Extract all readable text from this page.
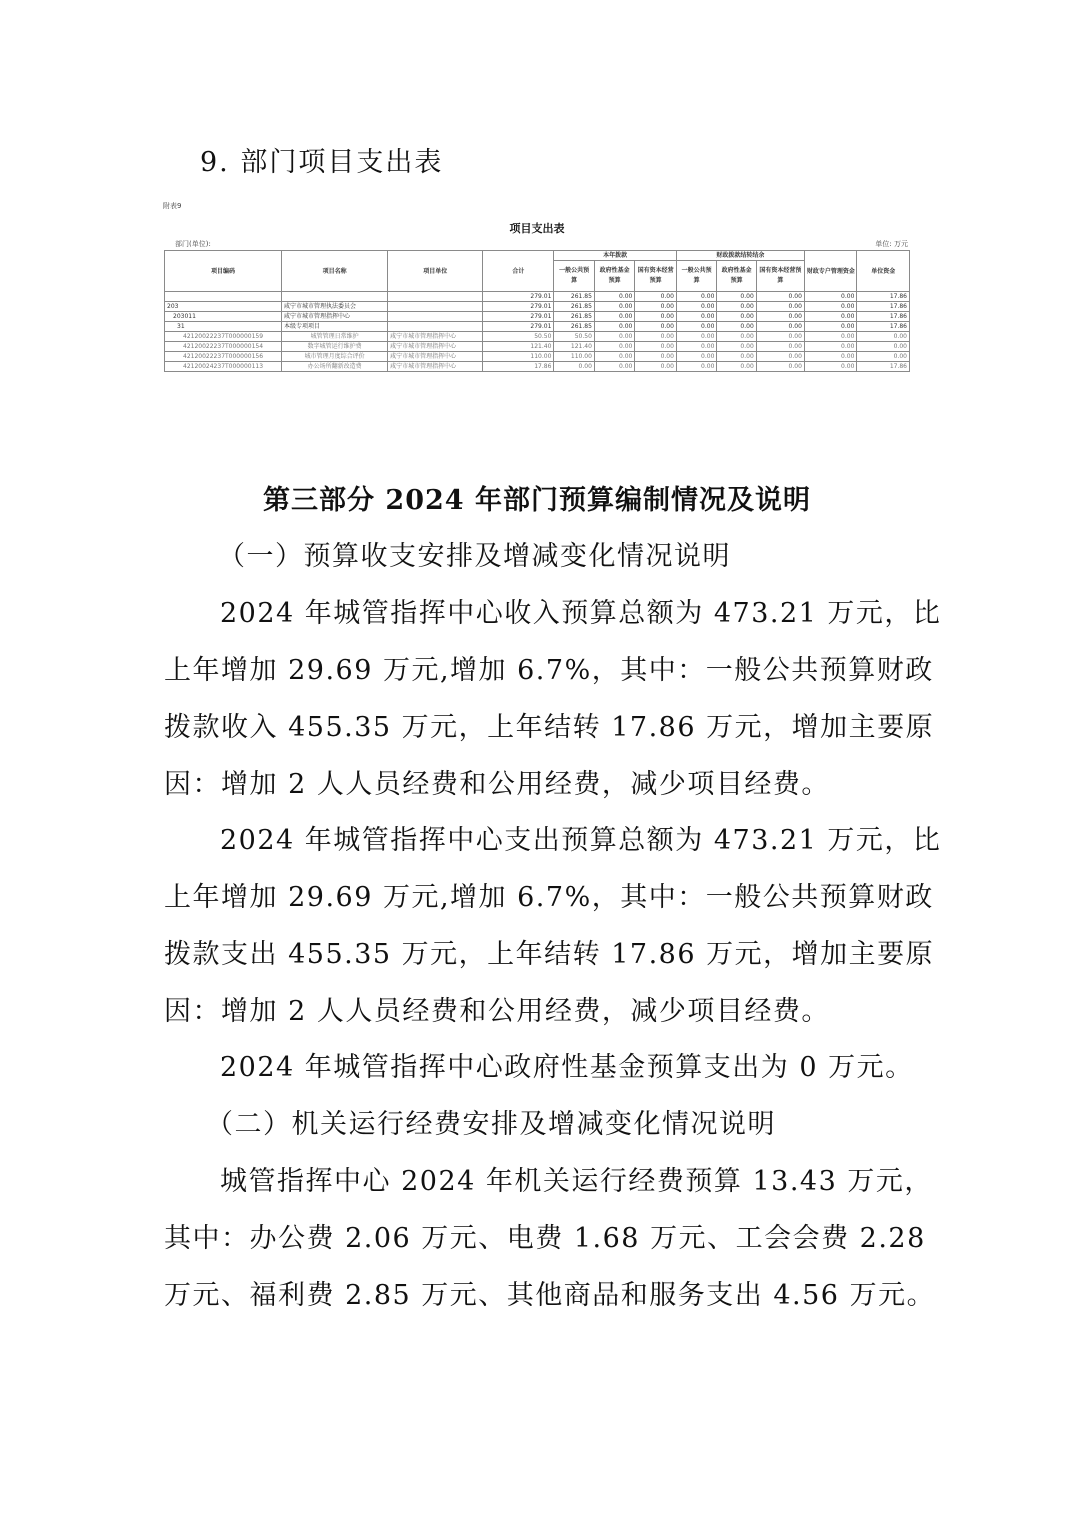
9. 部门项目支出表
附表9
项目支出表
部门(单位):	单位: 万元
项目编码	项目名称	项目单位	合计	本年拨款			财政拨款结转结余			财政专户管理资金	单位资金
				一般公共预算	政府性基金预算	国有资本经营预算	一般公共预算	政府性基金预算	国有资本经营预算		
			279.01	261.85	0.00	0.00	0.00	0.00	0.00	0.00	17.86
203	咸宁市城市管理执法委员会		279.01	261.85	0.00	0.00	0.00	0.00	0.00	0.00	17.86
203011	咸宁市城市管理指挥中心		279.01	261.85	0.00	0.00	0.00	0.00	0.00	0.00	17.86
31	本级专项项目		279.01	261.85	0.00	0.00	0.00	0.00	0.00	0.00	17.86
42120022237T000000159	城管管理日常维护	咸宁市城市管理指挥中心	50.50	50.50	0.00	0.00	0.00	0.00	0.00	0.00	0.00
42120022237T000000154	数字城管运行维护费	咸宁市城市管理指挥中心	121.40	121.40	0.00	0.00	0.00	0.00	0.00	0.00	0.00
42120022237T000000156	城市管理月度综合评价	咸宁市城市管理指挥中心	110.00	110.00	0.00	0.00	0.00	0.00	0.00	0.00	0.00
42120024237T000000113	办公场所翻新改造费	咸宁市城市管理指挥中心	17.86	0.00	0.00	0.00	0.00	0.00	0.00	0.00	17.86
第三部分 2024 年部门预算编制情况及说明
（一）预算收支安排及增减变化情况说明
2024 年城管指挥中心收入预算总额为 473.21 万元，比
上年增加 29.69 万元,增加 6.7%，其中：一般公共预算财政
拨款收入 455.35 万元，上年结转 17.86 万元，增加主要原
因：增加 2 人人员经费和公用经费，减少项目经费。
2024 年城管指挥中心支出预算总额为 473.21 万元，比
上年增加 29.69 万元,增加 6.7%，其中：一般公共预算财政
拨款支出 455.35 万元，上年结转 17.86 万元，增加主要原
因：增加 2 人人员经费和公用经费，减少项目经费。
2024 年城管指挥中心政府性基金预算支出为 0 万元。
（二）机关运行经费安排及增减变化情况说明
城管指挥中心 2024 年机关运行经费预算 13.43 万元，
其中：办公费 2.06 万元、电费 1.68 万元、工会会费 2.28
万元、福利费 2.85 万元、其他商品和服务支出 4.56 万元。
